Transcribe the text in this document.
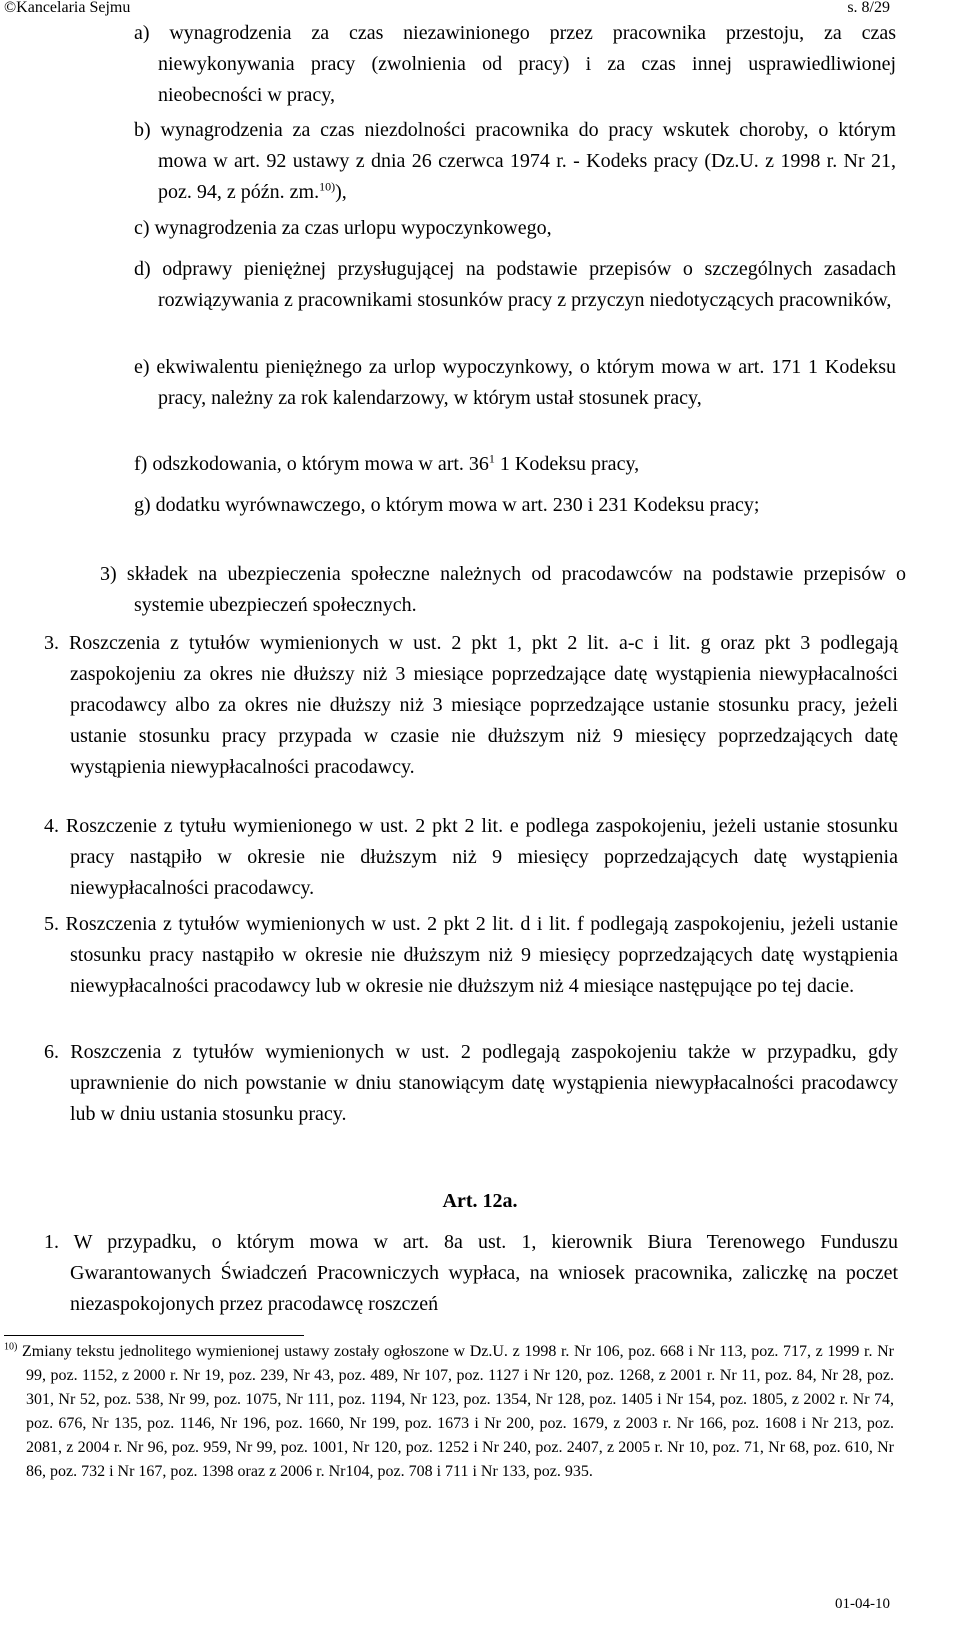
©Kancelaria Sejmu	s. 8/29
a) wynagrodzenia za czas niezawinionego przez pracownika przestoju, za czas niewykonywania pracy (zwolnienia od pracy) i za czas innej usprawiedliwionej nieobecności w pracy,
b) wynagrodzenia za czas niezdolności pracownika do pracy wskutek choroby, o którym mowa w art. 92 ustawy z dnia 26 czerwca 1974 r. - Kodeks pracy (Dz.U. z 1998 r. Nr 21, poz. 94, z późn. zm.$^{10)}$),
c) wynagrodzenia za czas urlopu wypoczynkowego,
d) odprawy pieniężnej przysługującej na podstawie przepisów o szczególnych zasadach rozwiązywania z pracownikami stosunków pracy z przyczyn niedotyczących pracowników,
e) ekwiwalentu pieniężnego za urlop wypoczynkowy, o którym mowa w art. 171 1 Kodeksu pracy, należny za rok kalendarzowy, w którym ustał stosunek pracy,
f) odszkodowania, o którym mowa w art. $36^1$ 1 Kodeksu pracy,
g) dodatku wyrównawczego, o którym mowa w art. 230 i 231 Kodeksu pracy;
3) składek na ubezpieczenia społeczne należnych od pracodawców na podstawie przepisów o systemie ubezpieczeń społecznych.
3. Roszczenia z tytułów wymienionych w ust. 2 pkt 1, pkt 2 lit. a-c i lit. g oraz pkt 3 podlegają zaspokojeniu za okres nie dłuższy niż 3 miesiące poprzedzające datę wystąpienia niewypłacalności pracodawcy albo za okres nie dłuższy niż 3 miesiące poprzedzające ustanie stosunku pracy, jeżeli ustanie stosunku pracy przypada w czasie nie dłuższym niż 9 miesięcy poprzedzających datę wystąpienia niewypłacalności pracodawcy.
4. Roszczenie z tytułu wymienionego w ust. 2 pkt 2 lit. e podlega zaspokojeniu, jeżeli ustanie stosunku pracy nastąpiło w okresie nie dłuższym niż 9 miesięcy poprzedzających datę wystąpienia niewypłacalności pracodawcy.
5. Roszczenia z tytułów wymienionych w ust. 2 pkt 2 lit. d i lit. f podlegają zaspokojeniu, jeżeli ustanie stosunku pracy nastąpiło w okresie nie dłuższym niż 9 miesięcy poprzedzających datę wystąpienia niewypłacalności pracodawcy lub w okresie nie dłuższym niż 4 miesiące następujące po tej dacie.
6. Roszczenia z tytułów wymienionych w ust. 2 podlegają zaspokojeniu także w przypadku, gdy uprawnienie do nich powstanie w dniu stanowiącym datę wystąpienia niewypłacalności pracodawcy lub w dniu ustania stosunku pracy.
Art. 12a.
1. W przypadku, o którym mowa w art. 8a ust. 1, kierownik Biura Terenowego Funduszu Gwarantowanych Świadczeń Pracowniczych wypłaca, na wniosek pracownika, zaliczkę na poczet niezaspokojonych przez pracodawcę roszczeń
$^{10)}$ Zmiany tekstu jednolitego wymienionej ustawy zostały ogłoszone w Dz.U. z 1998 r. Nr 106, poz. 668 i Nr 113, poz. 717, z 1999 r. Nr 99, poz. 1152, z 2000 r. Nr 19, poz. 239, Nr 43, poz. 489, Nr 107, poz. 1127 i Nr 120, poz. 1268, z 2001 r. Nr 11, poz. 84, Nr 28, poz. 301, Nr 52, poz. 538, Nr 99, poz. 1075, Nr 111, poz. 1194, Nr 123, poz. 1354, Nr 128, poz. 1405 i Nr 154, poz. 1805, z 2002 r. Nr 74, poz. 676, Nr 135, poz. 1146, Nr 196, poz. 1660, Nr 199, poz. 1673 i Nr 200, poz. 1679, z 2003 r. Nr 166, poz. 1608 i Nr 213, poz. 2081, z 2004 r. Nr 96, poz. 959, Nr 99, poz. 1001, Nr 120, poz. 1252 i Nr 240, poz. 2407, z 2005 r. Nr 10, poz. 71, Nr 68, poz. 610, Nr 86, poz. 732 i Nr 167, poz. 1398 oraz z 2006 r. Nr104, poz. 708 i 711 i Nr 133, poz. 935.
01-04-10
